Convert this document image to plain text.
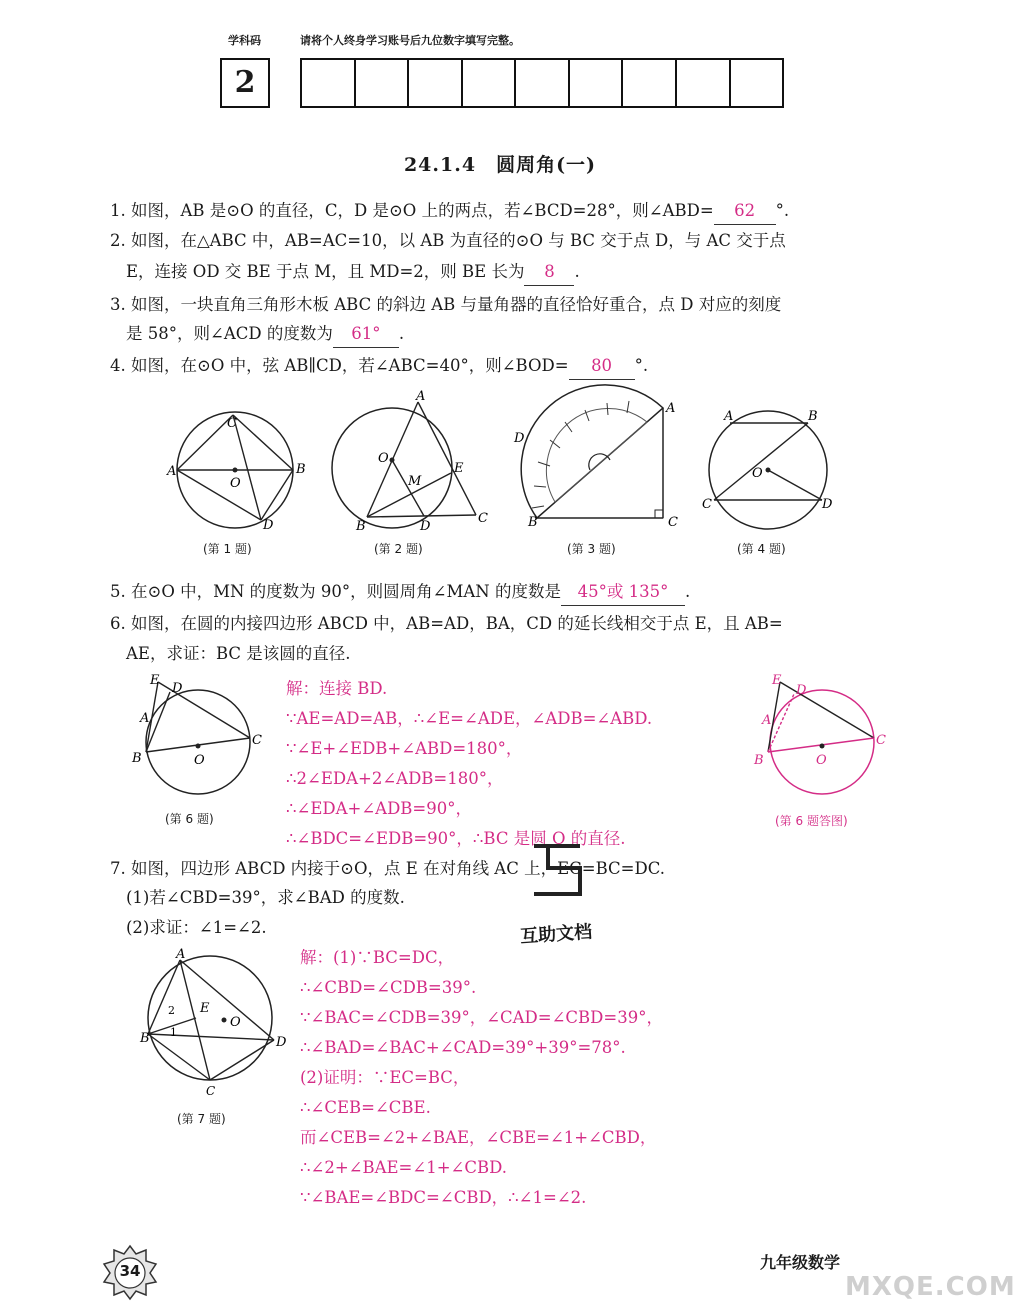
学科码	请将个人终身学习账号后九位数字填写完整。
2
24.1.4　圆周角(一)
1. 如图，AB 是⊙O 的直径，C，D 是⊙O 上的两点，若∠BCD=28°，则∠ABD= 62 °.
2. 如图，在△ABC 中，AB=AC=10，以 AB 为直径的⊙O 与 BC 交于点 D，与 AC 交于点
E，连接 OD 交 BE 于点 M，且 MD=2，则 BE 长为 8 .
3. 如图，一块直角三角形木板 ABC 的斜边 AB 与量角器的直径恰好重合，点 D 对应的刻度
是 58°，则∠ACD 的度数为 61° .
4. 如图，在⊙O 中，弦 AB∥CD，若∠ABC=40°，则∠BOD= 80 °.
C
A	B
O
D
(第 1 题)
A
O
E
M
B	D
C
(第 2 题)
A
D
B	C
(第 3 题)
A	B
O
C	D
(第 4 题)
5. 在⊙O 中，MN 的度数为 90°，则圆周角∠MAN 的度数是 45°或 135° .
6. 如图，在圆的内接四边形 ABCD 中，AB=AD，BA，CD 的延长线相交于点 E，且 AB=
AE，求证：BC 是该圆的直径.
E
D
A
B
C
O
(第 6 题)
解：连接 BD.
∵AE=AD=AB，∴∠E=∠ADE，∠ADB=∠ABD.
∵∠E+∠EDB+∠ABD=180°，
∴2∠EDA+2∠ADB=180°，
∴∠EDA+∠ADB=90°，
∴∠BDC=∠EDB=90°，∴BC 是圆 O 的直径.
E
D
A
B
C
O
(第 6 题答图)
7. 如图，四边形 ABCD 内接于⊙O，点 E 在对角线 AC 上，EC=BC=DC.
(1)若∠CBD=39°，求∠BAD 的度数.
(2)求证：∠1=∠2.	互助文档
A
B
C
D
E
O
2
1
(第 7 题)
解：(1)∵BC=DC，
∴∠CBD=∠CDB=39°.
∵∠BAC=∠CDB=39°，∠CAD=∠CBD=39°，
∴∠BAD=∠BAC+∠CAD=39°+39°=78°.
(2)证明：∵EC=BC，
∴∠CEB=∠CBE.
而∠CEB=∠2+∠BAE，∠CBE=∠1+∠CBD，
∴∠2+∠BAE=∠1+∠CBD.
∵∠BAE=∠BDC=∠CBD，∴∠1=∠2.
34	九年级数学
MXQE.COM
